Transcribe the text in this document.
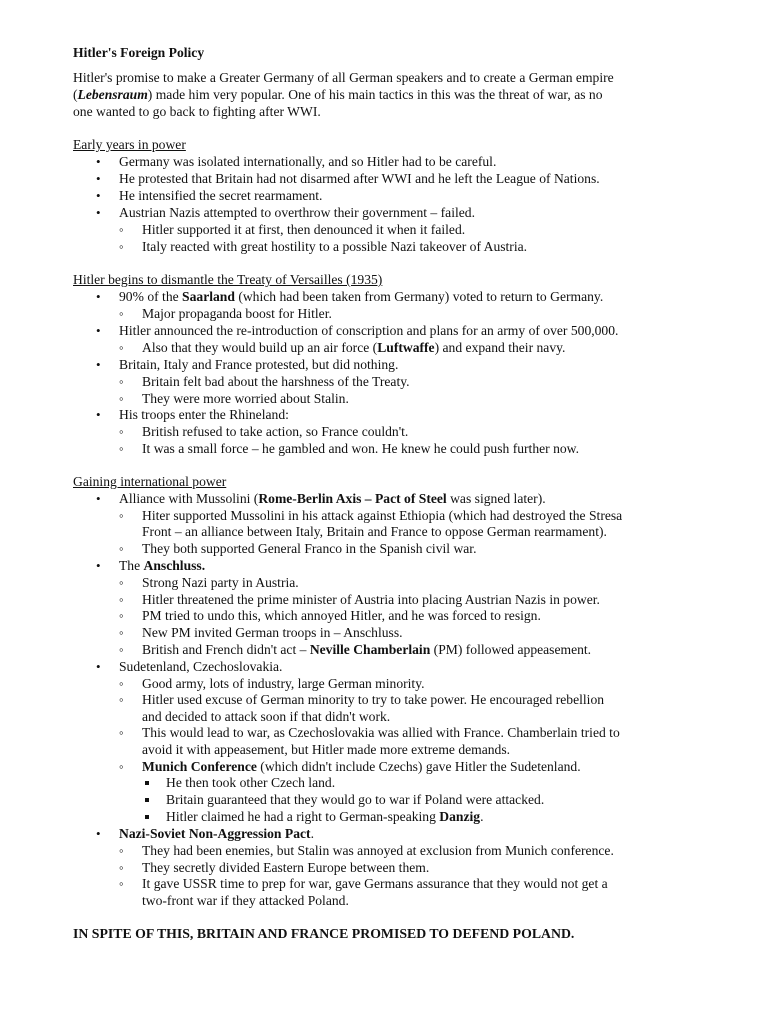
Hitler's Foreign Policy
Hitler's promise to make a Greater Germany of all German speakers and to create a German empire
(Lebensraum) made him very popular. One of his main tactics in this was the threat of war, as no
one wanted to go back to fighting after WWI.
Early years in power
• Germany was isolated internationally, and so Hitler had to be careful.
• He protested that Britain had not disarmed after WWI and he left the League of Nations.
• He intensified the secret rearmament.
• Austrian Nazis attempted to overthrow their government – failed.
◦ Hitler supported it at first, then denounced it when it failed.
◦ Italy reacted with great hostility to a possible Nazi takeover of Austria.
Hitler begins to dismantle the Treaty of Versailles (1935)
• 90% of the Saarland (which had been taken from Germany) voted to return to Germany.
◦ Major propaganda boost for Hitler.
• Hitler announced the re-introduction of conscription and plans for an army of over 500,000.
◦ Also that they would build up an air force (Luftwaffe) and expand their navy.
• Britain, Italy and France protested, but did nothing.
◦ Britain felt bad about the harshness of the Treaty.
◦ They were more worried about Stalin.
• His troops enter the Rhineland:
◦ British refused to take action, so France couldn't.
◦ It was a small force – he gambled and won. He knew he could push further now.
Gaining international power
• Alliance with Mussolini (Rome-Berlin Axis – Pact of Steel was signed later).
◦ Hiter supported Mussolini in his attack against Ethiopia (which had destroyed the Stresa
Front – an alliance between Italy, Britain and France to oppose German rearmament).
◦ They both supported General Franco in the Spanish civil war.
• The Anschluss.
◦ Strong Nazi party in Austria.
◦ Hitler threatened the prime minister of Austria into placing Austrian Nazis in power.
◦ PM tried to undo this, which annoyed Hitler, and he was forced to resign.
◦ New PM invited German troops in – Anschluss.
◦ British and French didn't act – Neville Chamberlain (PM) followed appeasement.
• Sudetenland, Czechoslovakia.
◦ Good army, lots of industry, large German minority.
◦ Hitler used excuse of German minority to try to take power. He encouraged rebellion
and decided to attack soon if that didn't work.
◦ This would lead to war, as Czechoslovakia was allied with France. Chamberlain tried to
avoid it with appeasement, but Hitler made more extreme demands.
◦ Munich Conference (which didn't include Czechs) gave Hitler the Sudetenland.
He then took other Czech land.
Britain guaranteed that they would go to war if Poland were attacked.
Hitler claimed he had a right to German-speaking Danzig.
• Nazi-Soviet Non-Aggression Pact.
◦ They had been enemies, but Stalin was annoyed at exclusion from Munich conference.
◦ They secretly divided Eastern Europe between them.
◦ It gave USSR time to prep for war, gave Germans assurance that they would not get a
two-front war if they attacked Poland.
IN SPITE OF THIS, BRITAIN AND FRANCE PROMISED TO DEFEND POLAND.
